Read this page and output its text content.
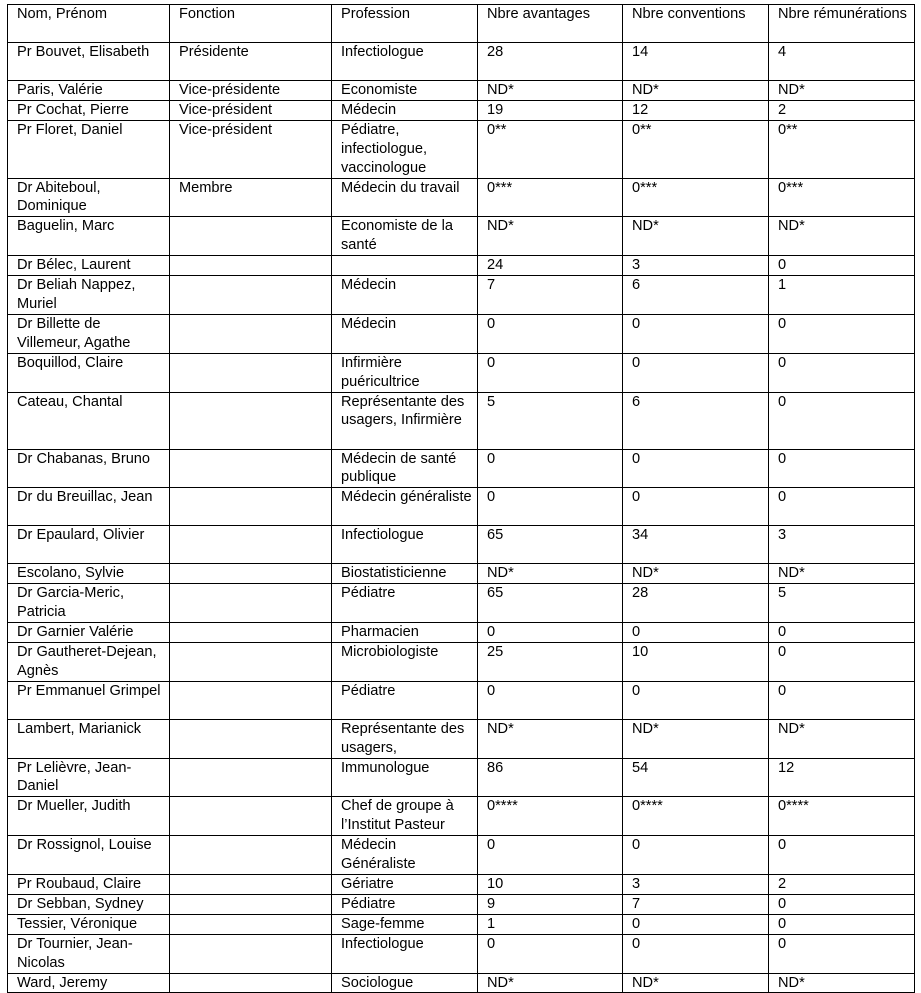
Nom, Prénom	Fonction	Profession	Nbre avantages	Nbre conventions	Nbre rémunérations
Pr Bouvet, Elisabeth	Présidente	Infectiologue	28	14	4
Paris, Valérie	Vice-présidente	Economiste	ND*	ND*	ND*
Pr Cochat, Pierre	Vice-président	Médecin	19	12	2
Pr Floret, Daniel	Vice-président	Pédiatre, infectiologue, vaccinologue	0**	0**	0**
Dr Abiteboul, Dominique	Membre	Médecin du travail	0***	0***	0***
Baguelin, Marc		Economiste de la santé	ND*	ND*	ND*
Dr Bélec, Laurent			24	3	0
Dr Beliah Nappez, Muriel		Médecin	7	6	1
Dr Billette de Villemeur, Agathe		Médecin	0	0	0
Boquillod, Claire		Infirmière puéricultrice	0	0	0
Cateau, Chantal		Représentante des usagers, Infirmière	5	6	0
Dr Chabanas, Bruno		Médecin de santé publique	0	0	0
Dr du Breuillac, Jean		Médecin généraliste	0	0	0
Dr Epaulard, Olivier		Infectiologue	65	34	3
Escolano, Sylvie		Biostatisticienne	ND*	ND*	ND*
Dr Garcia-Meric, Patricia		Pédiatre	65	28	5
Dr Garnier Valérie		Pharmacien	0	0	0
Dr Gautheret-Dejean, Agnès		Microbiologiste	25	10	0
Pr Emmanuel Grimpel		Pédiatre	0	0	0
Lambert, Marianick		Représentante des usagers,	ND*	ND*	ND*
Pr Lelièvre, Jean-Daniel		Immunologue	86	54	12
Dr Mueller, Judith		Chef de groupe à l’Institut Pasteur	0****	0****	0****
Dr Rossignol, Louise		Médecin Généraliste	0	0	0
Pr Roubaud, Claire		Gériatre	10	3	2
Dr Sebban, Sydney		Pédiatre	9	7	0
Tessier, Véronique		Sage-femme	1	0	0
Dr Tournier, Jean-Nicolas		Infectiologue	0	0	0
Ward, Jeremy		Sociologue	ND*	ND*	ND*
